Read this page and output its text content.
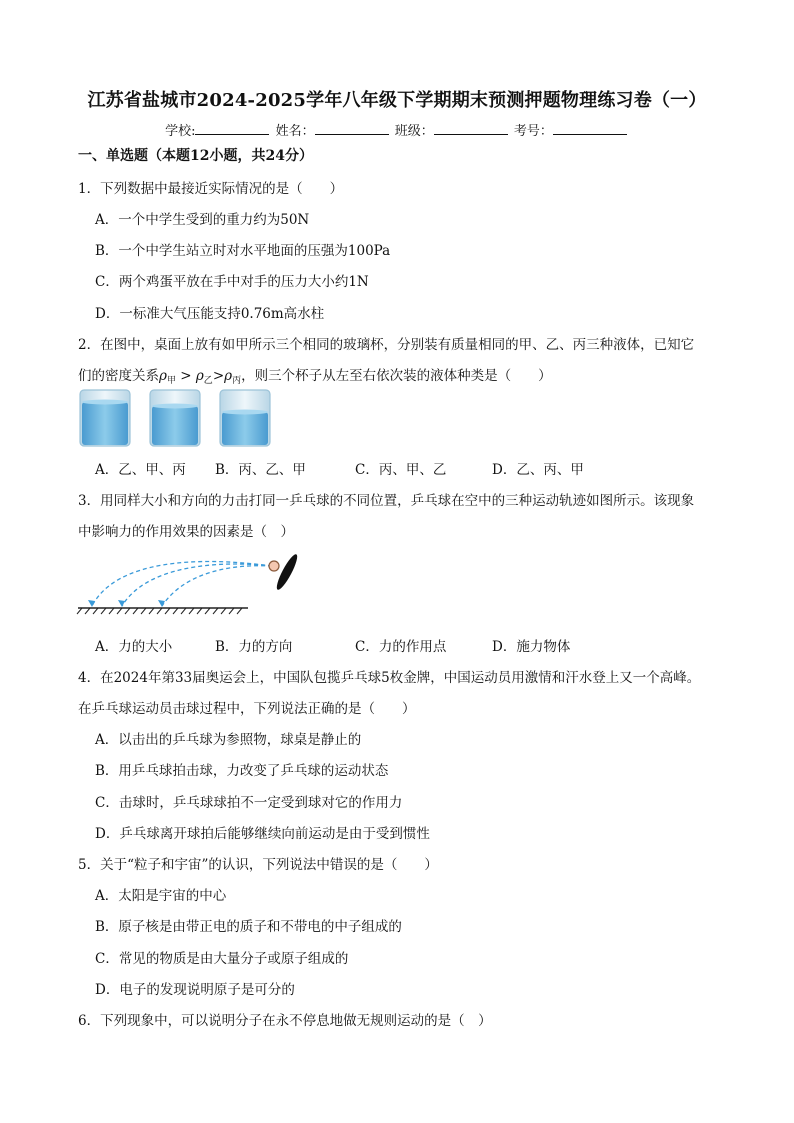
江苏省盐城市2024-2025学年八年级下学期期末预测押题物理练习卷（一）
学校:	姓名：	班级：	考号：
一、单选题（本题12小题，共24分）
1．下列数据中最接近实际情况的是（　　）
A．一个中学生受到的重力约为50N
B．一个中学生站立时对水平地面的压强为100Pa
C．两个鸡蛋平放在手中对手的压力大小约1N
D．一标准大气压能支持0.76m高水柱
2．在图中，桌面上放有如甲所示三个相同的玻璃杯，分别装有质量相同的甲、乙、丙三种液体，已知它
们的密度关系$\rho_甲 > \rho_乙>\rho_丙$，则三个杯子从左至右依次装的液体种类是（　　）
A．乙、甲、丙 B．丙、乙、甲	C．丙、甲、乙	D．乙、丙、甲
3．用同样大小和方向的力击打同一乒乓球的不同位置，乒乓球在空中的三种运动轨迹如图所示。该现象
中影响力的作用效果的因素是（　）
A．力的大小	B．力的方向	C．力的作用点	D．施力物体
4．在2024年第33届奥运会上，中国队包揽乒乓球5枚金牌，中国运动员用激情和汗水登上又一个高峰。
在乒乓球运动员击球过程中，下列说法正确的是（　　）
A．以击出的乒乓球为参照物，球桌是静止的
B．用乒乓球拍击球，力改变了乒乓球的运动状态
C．击球时，乒乓球球拍不一定受到球对它的作用力
D．乒乓球离开球拍后能够继续向前运动是由于受到惯性
5．关于“粒子和宇宙”的认识，下列说法中错误的是（　　）
A．太阳是宇宙的中心
B．原子核是由带正电的质子和不带电的中子组成的
C．常见的物质是由大量分子或原子组成的
D．电子的发现说明原子是可分的
6．下列现象中，可以说明分子在永不停息地做无规则运动的是（　）
